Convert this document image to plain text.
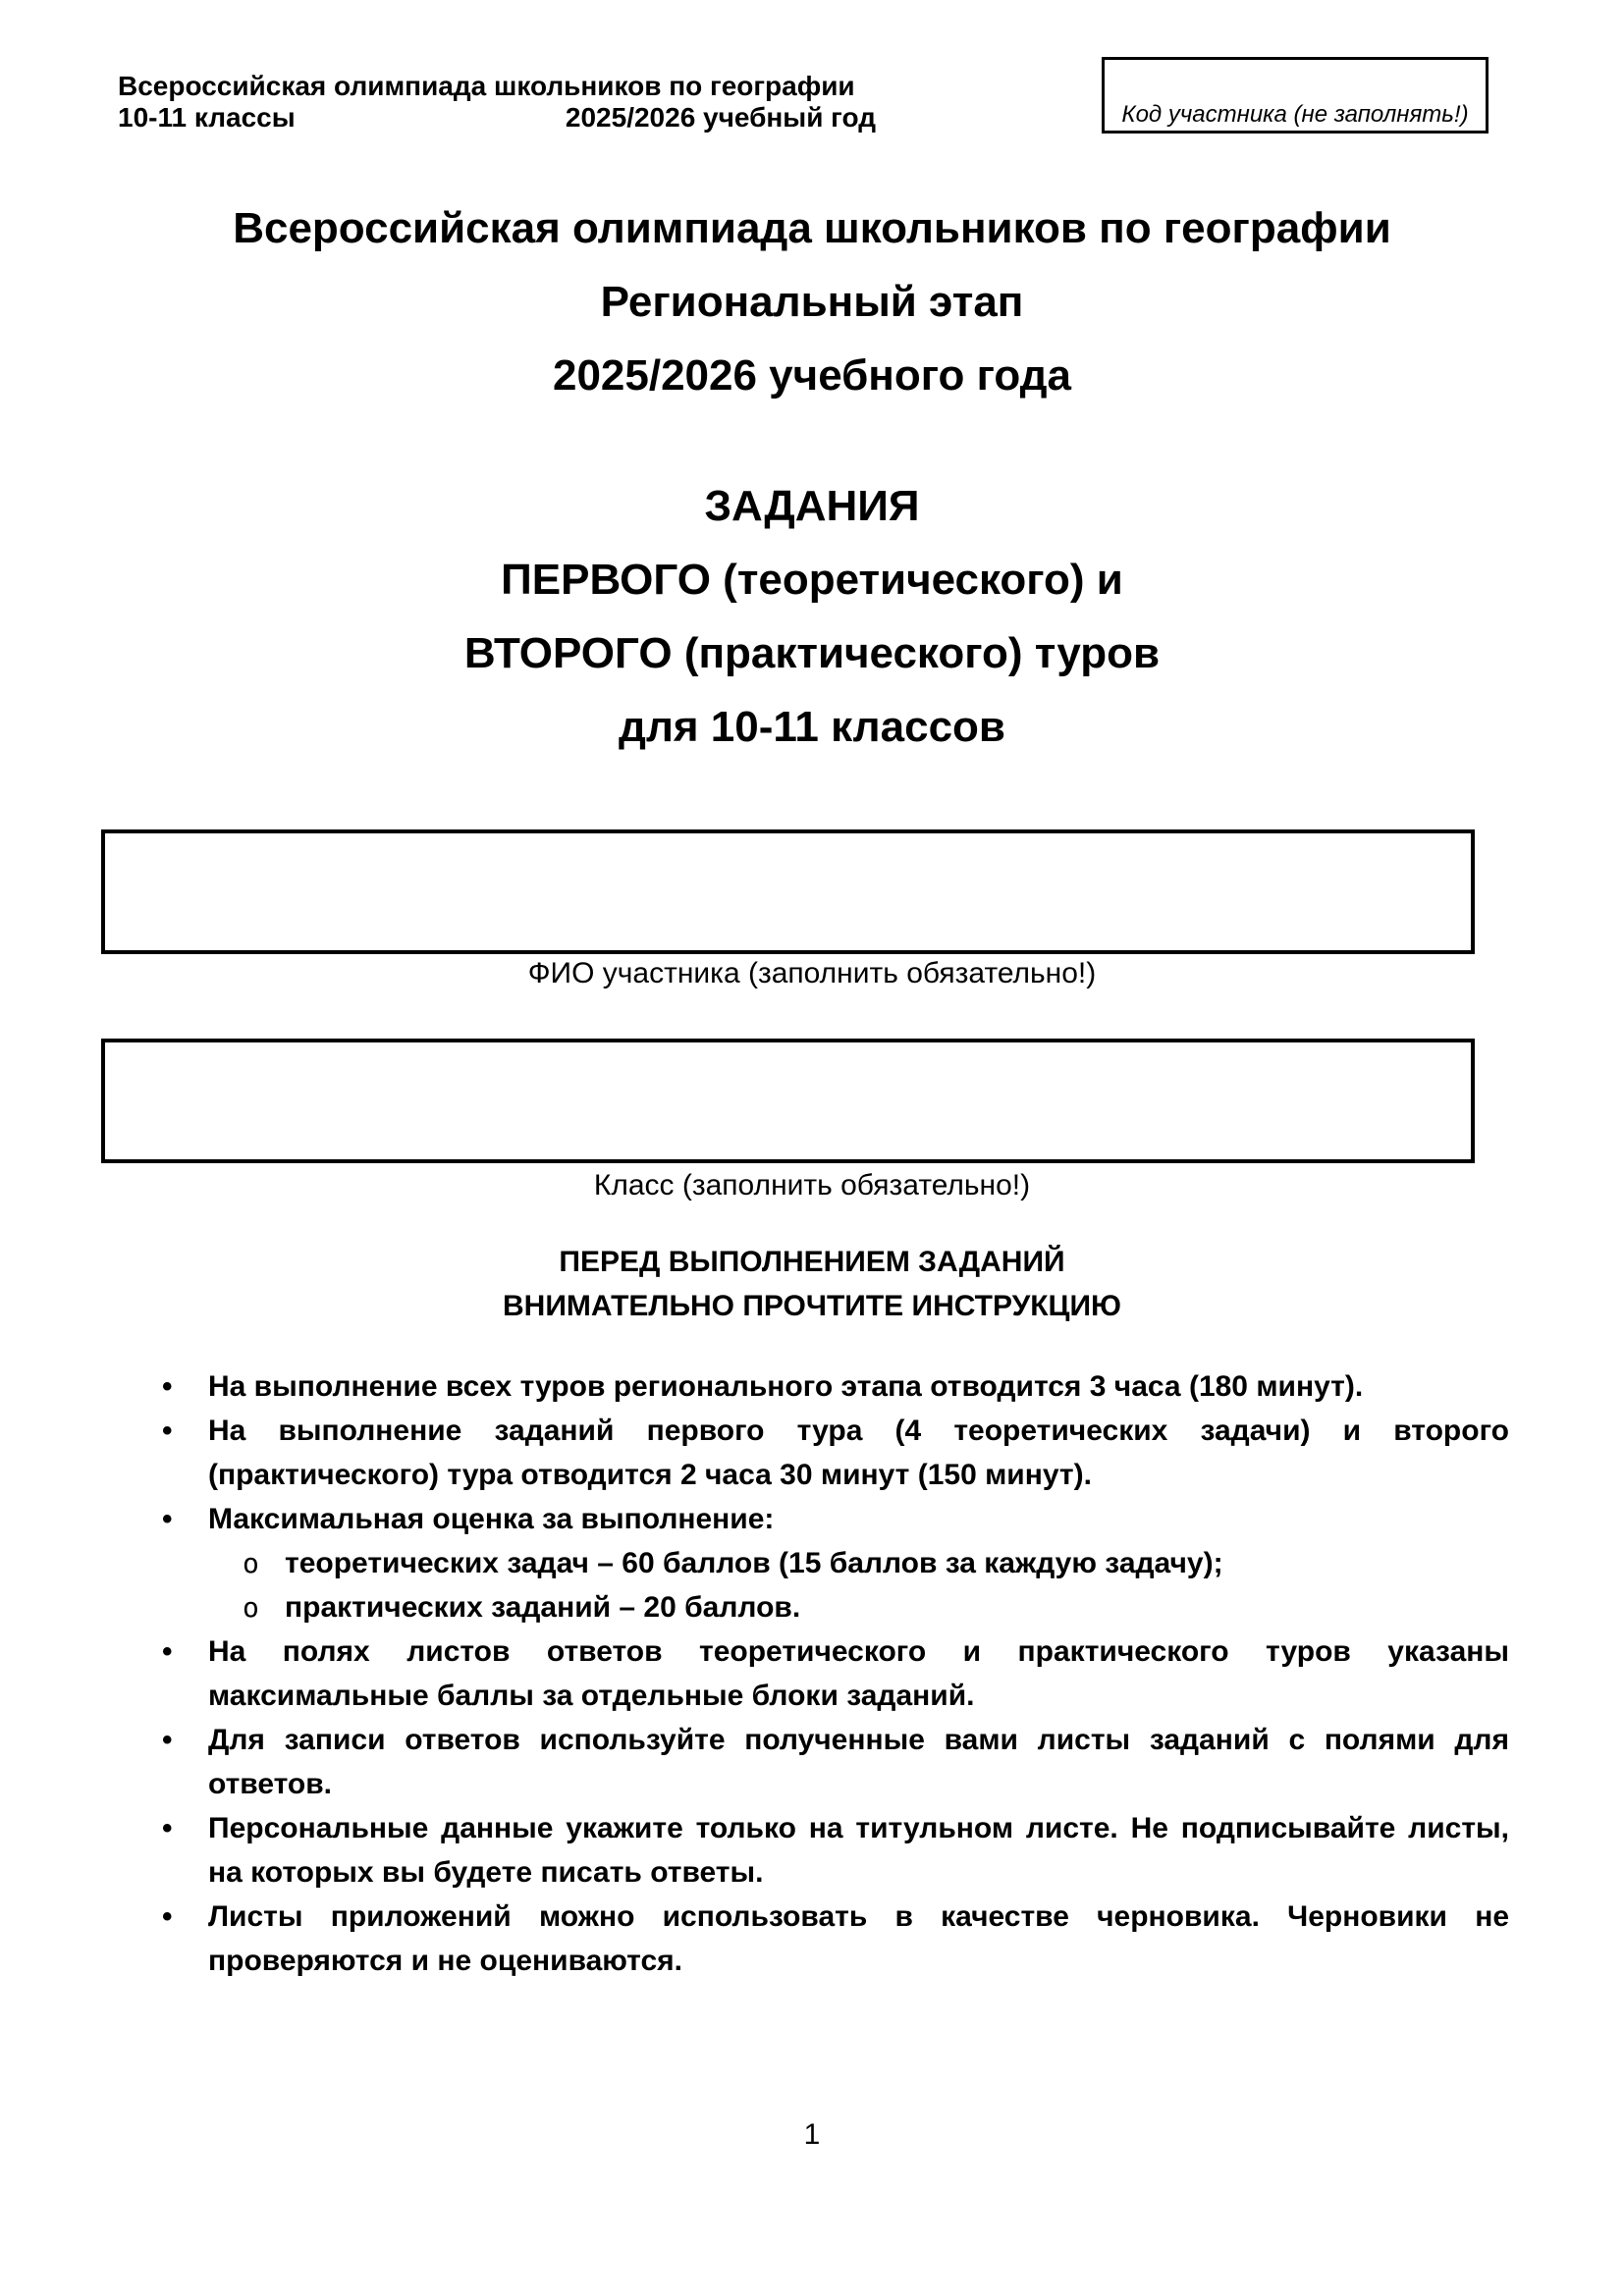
Всероссийская олимпиада школьников по географии
10-11 классы	2025/2026 учебный год	Код участника (не заполнять!)
Всероссийская олимпиада школьников по географии
Региональный этап
2025/2026 учебного года
ЗАДАНИЯ
ПЕРВОГО (теоретического) и
ВТОРОГО (практического) туров
для 10-11 классов
ФИО участника (заполнить обязательно!)
Класс (заполнить обязательно!)
ПЕРЕД ВЫПОЛНЕНИЕМ ЗАДАНИЙ
ВНИМАТЕЛЬНО ПРОЧТИТЕ ИНСТРУКЦИЮ
• На выполнение всех туров регионального этапа отводится 3 часа (180 минут).
• На выполнение заданий первого тура (4 теоретических задачи) и второго (практического) тура отводится 2 часа 30 минут (150 минут).
• Максимальная оценка за выполнение:
o теоретических задач – 60 баллов (15 баллов за каждую задачу);
o практических заданий – 20 баллов.
• На полях листов ответов теоретического и практического туров указаны максимальные баллы за отдельные блоки заданий.
• Для записи ответов используйте полученные вами листы заданий с полями для ответов.
• Персональные данные укажите только на титульном листе. Не подписывайте листы, на которых вы будете писать ответы.
• Листы приложений можно использовать в качестве черновика. Черновики не проверяются и не оцениваются.
1
